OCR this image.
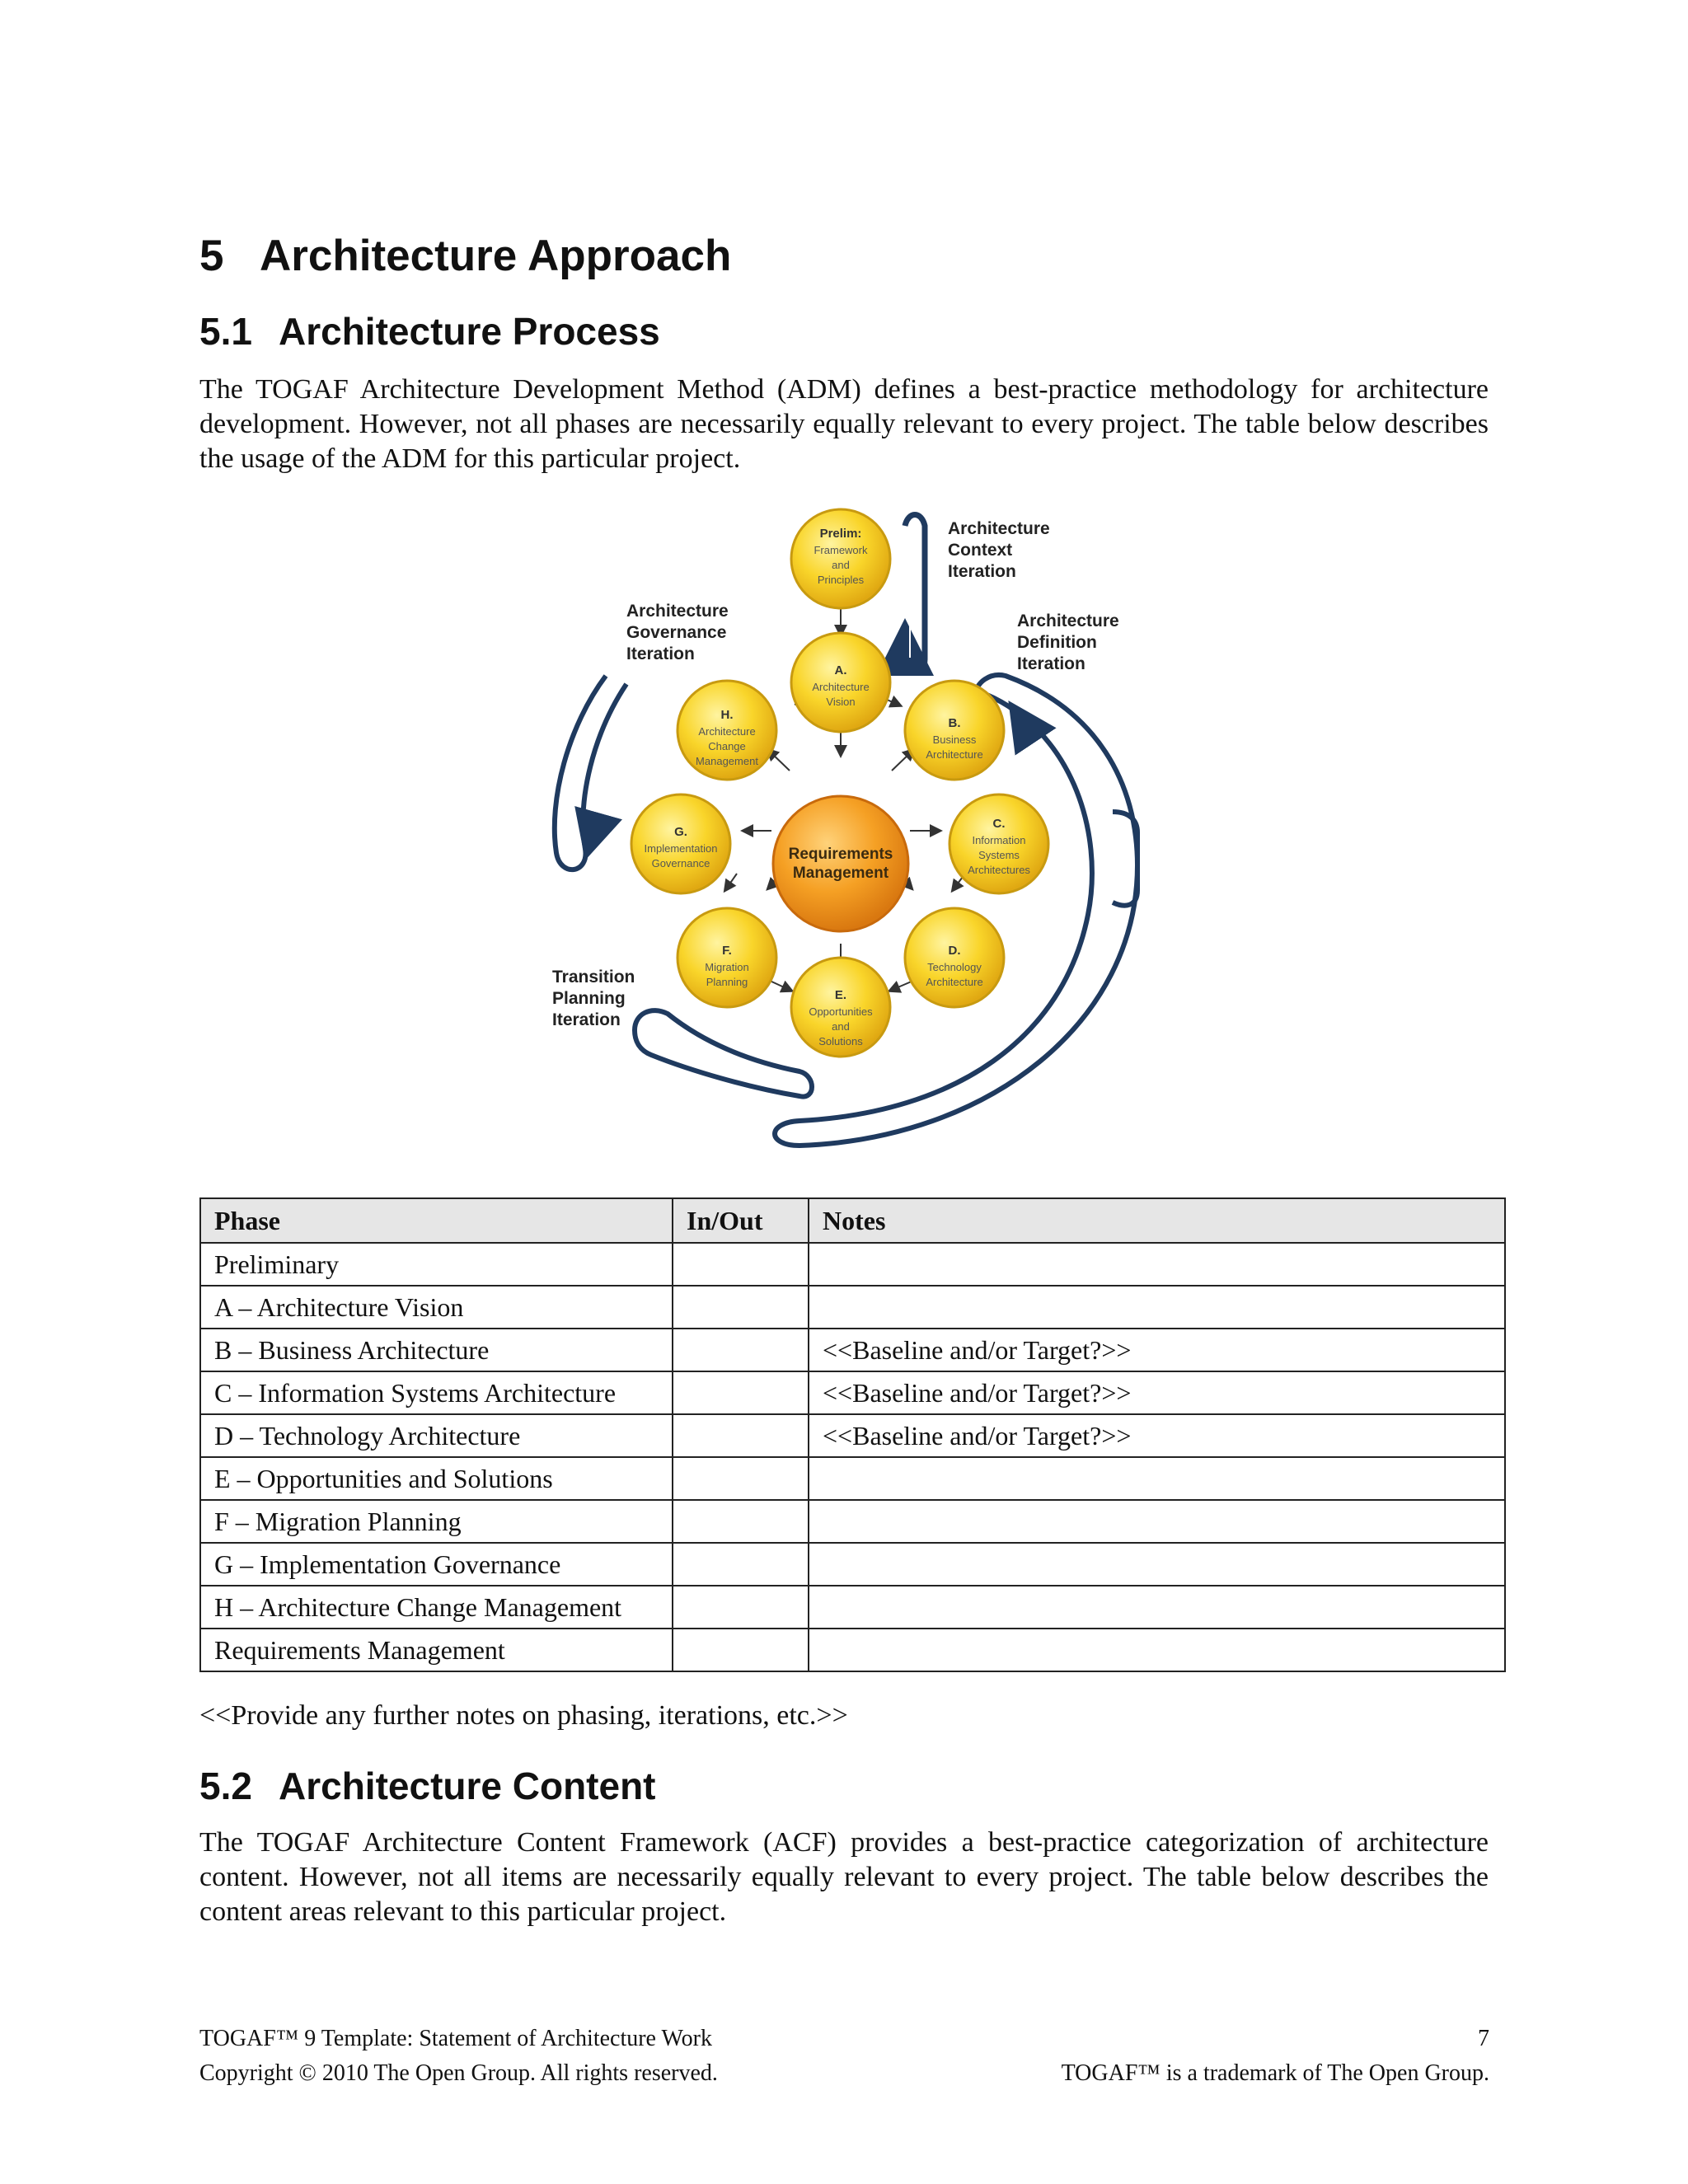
5 Architecture Approach
5.1 Architecture Process

The TOGAF Architecture Development Method (ADM) defines a best-practice methodology for architecture development. However, not all phases are necessarily equally relevant to every project. The table below describes the usage of the ADM for this particular project.

Prelim:
Framework
and
Principles
A.
Architecture
Vision
B.
Business
Architecture
C.
Information
Systems
Architectures
D.
Technology
Architecture
E.
Opportunities
and
Solutions
F.
Migration
Planning
G.
Implementation
Governance
H.
Architecture
Change
Management
Requirements
Management
Architecture
Context
Iteration
Architecture
Definition
Iteration
Architecture
Governance
Iteration
Transition
Planning
Iteration
Phase	In/Out	Notes
Preliminary		
A – Architecture Vision		
B – Business Architecture		<<Baseline and/or Target?>>
C – Information Systems Architecture		<<Baseline and/or Target?>>
D – Technology Architecture		<<Baseline and/or Target?>>
E – Opportunities and Solutions		
F – Migration Planning		
G – Implementation Governance		
H – Architecture Change Management		
Requirements Management		

<<Provide any further notes on phasing, iterations, etc.>>

5.2 Architecture Content

The TOGAF Architecture Content Framework (ACF) provides a best-practice categorization of architecture content. However, not all items are necessarily equally relevant to every project. The table below describes the content areas relevant to this particular project.

TOGAF™ 9 Template: Statement of Architecture Work	7

Copyright © 2010 The Open Group. All rights reserved.	TOGAF™ is a trademark of The Open Group.
